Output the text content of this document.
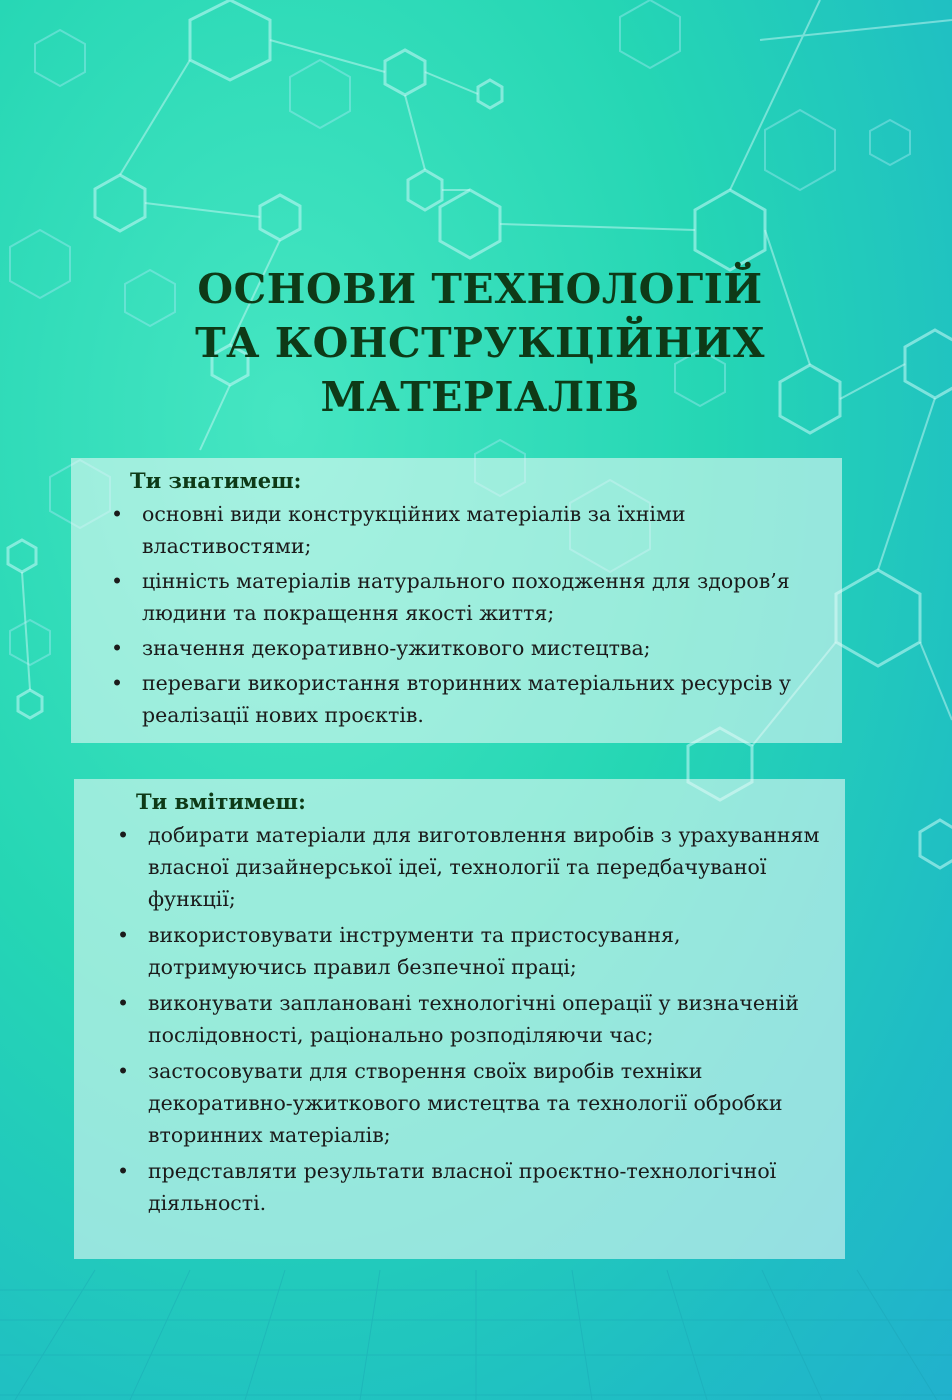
ОСНОВИ ТЕХНОЛОГІЙ
ТА КОНСТРУКЦІЙНИХ
МАТЕРІАЛІВ
Ти знатимеш:
• основні види конструкційних матеріалів за їхніми властивостями;
• цінність матеріалів натурального походження для здоров’я людини та покращення якості життя;
• значення декоративно-ужиткового мистецтва;
• переваги використання вторинних матеріальних ресурсів у реалізації нових проєктів.
Ти вмітимеш:
• добирати матеріали для виготовлення виробів з урахуванням власної дизайнерської ідеї, технології та передбачуваної функції;
• використовувати інструменти та пристосування, дотримуючись правил безпечної праці;
• виконувати заплановані технологічні операції у визначеній послідовності, раціонально розподіляючи час;
• застосовувати для створення своїх виробів техніки декоративно-ужиткового мистецтва та технології обробки вторинних матеріалів;
• представляти результати власної проєктно-технологічної діяльності.
